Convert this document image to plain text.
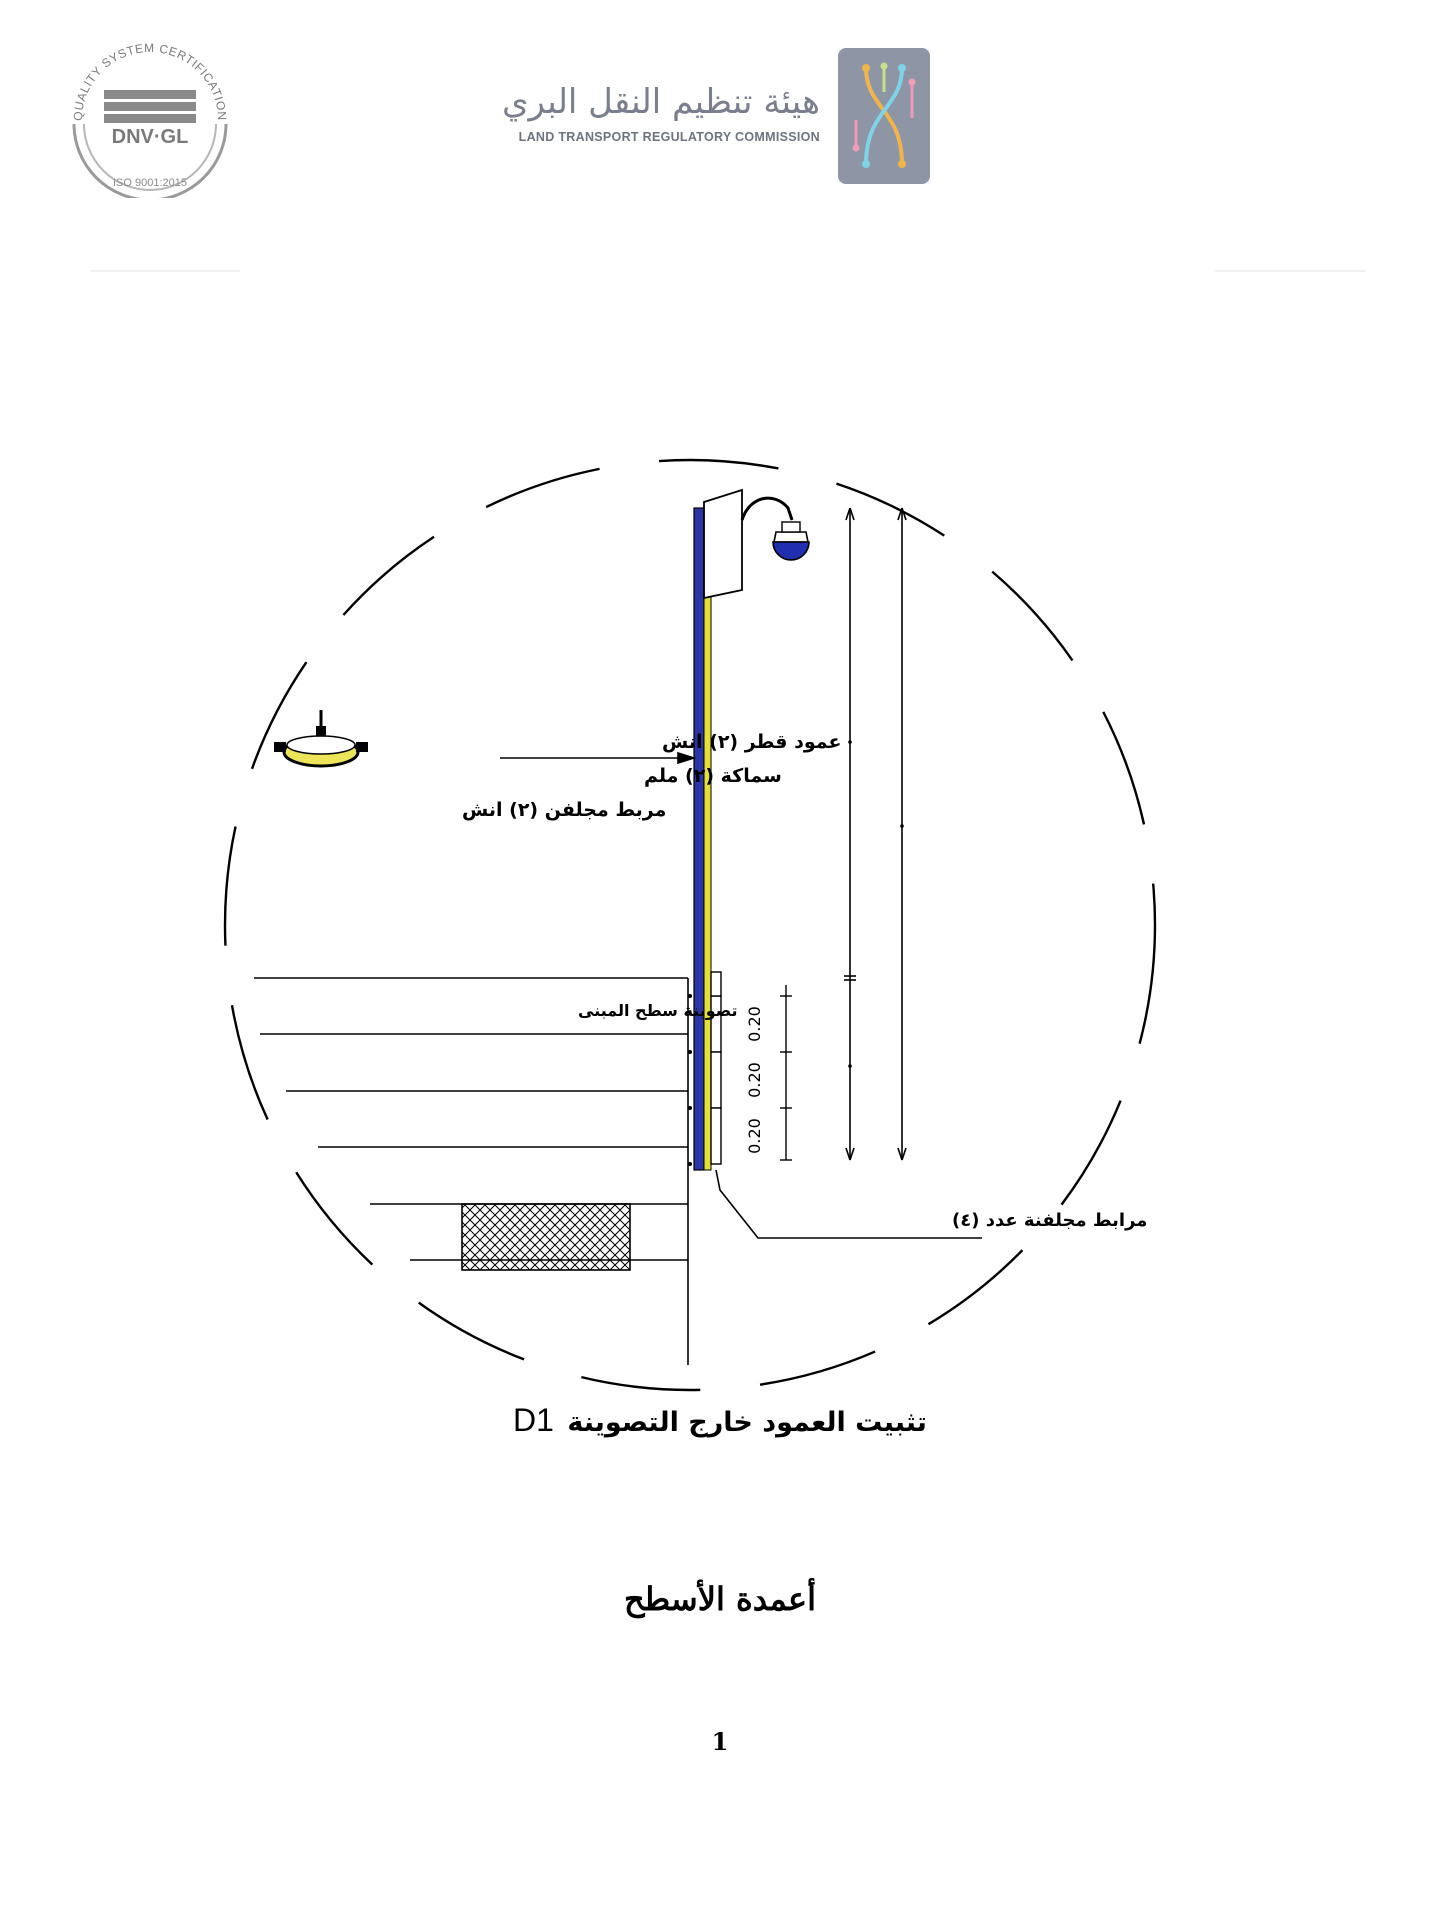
QUALITY SYSTEM CERTIFICATION
DNV·GL
ISO 9001:2015
هيئة تنظيم النقل البري
LAND TRANSPORT REGULATORY COMMISSION
0.20
0.20
0.20
مربط مجلفن (٢) انش
عمود قطر (٢) انش
سماكة (٢) ملم
تصوينة سطح المبنى
مرابط مجلفنة عدد (٤)
D1 تثبيت العمود خارج التصوينة
أعمدة الأسطح
1
